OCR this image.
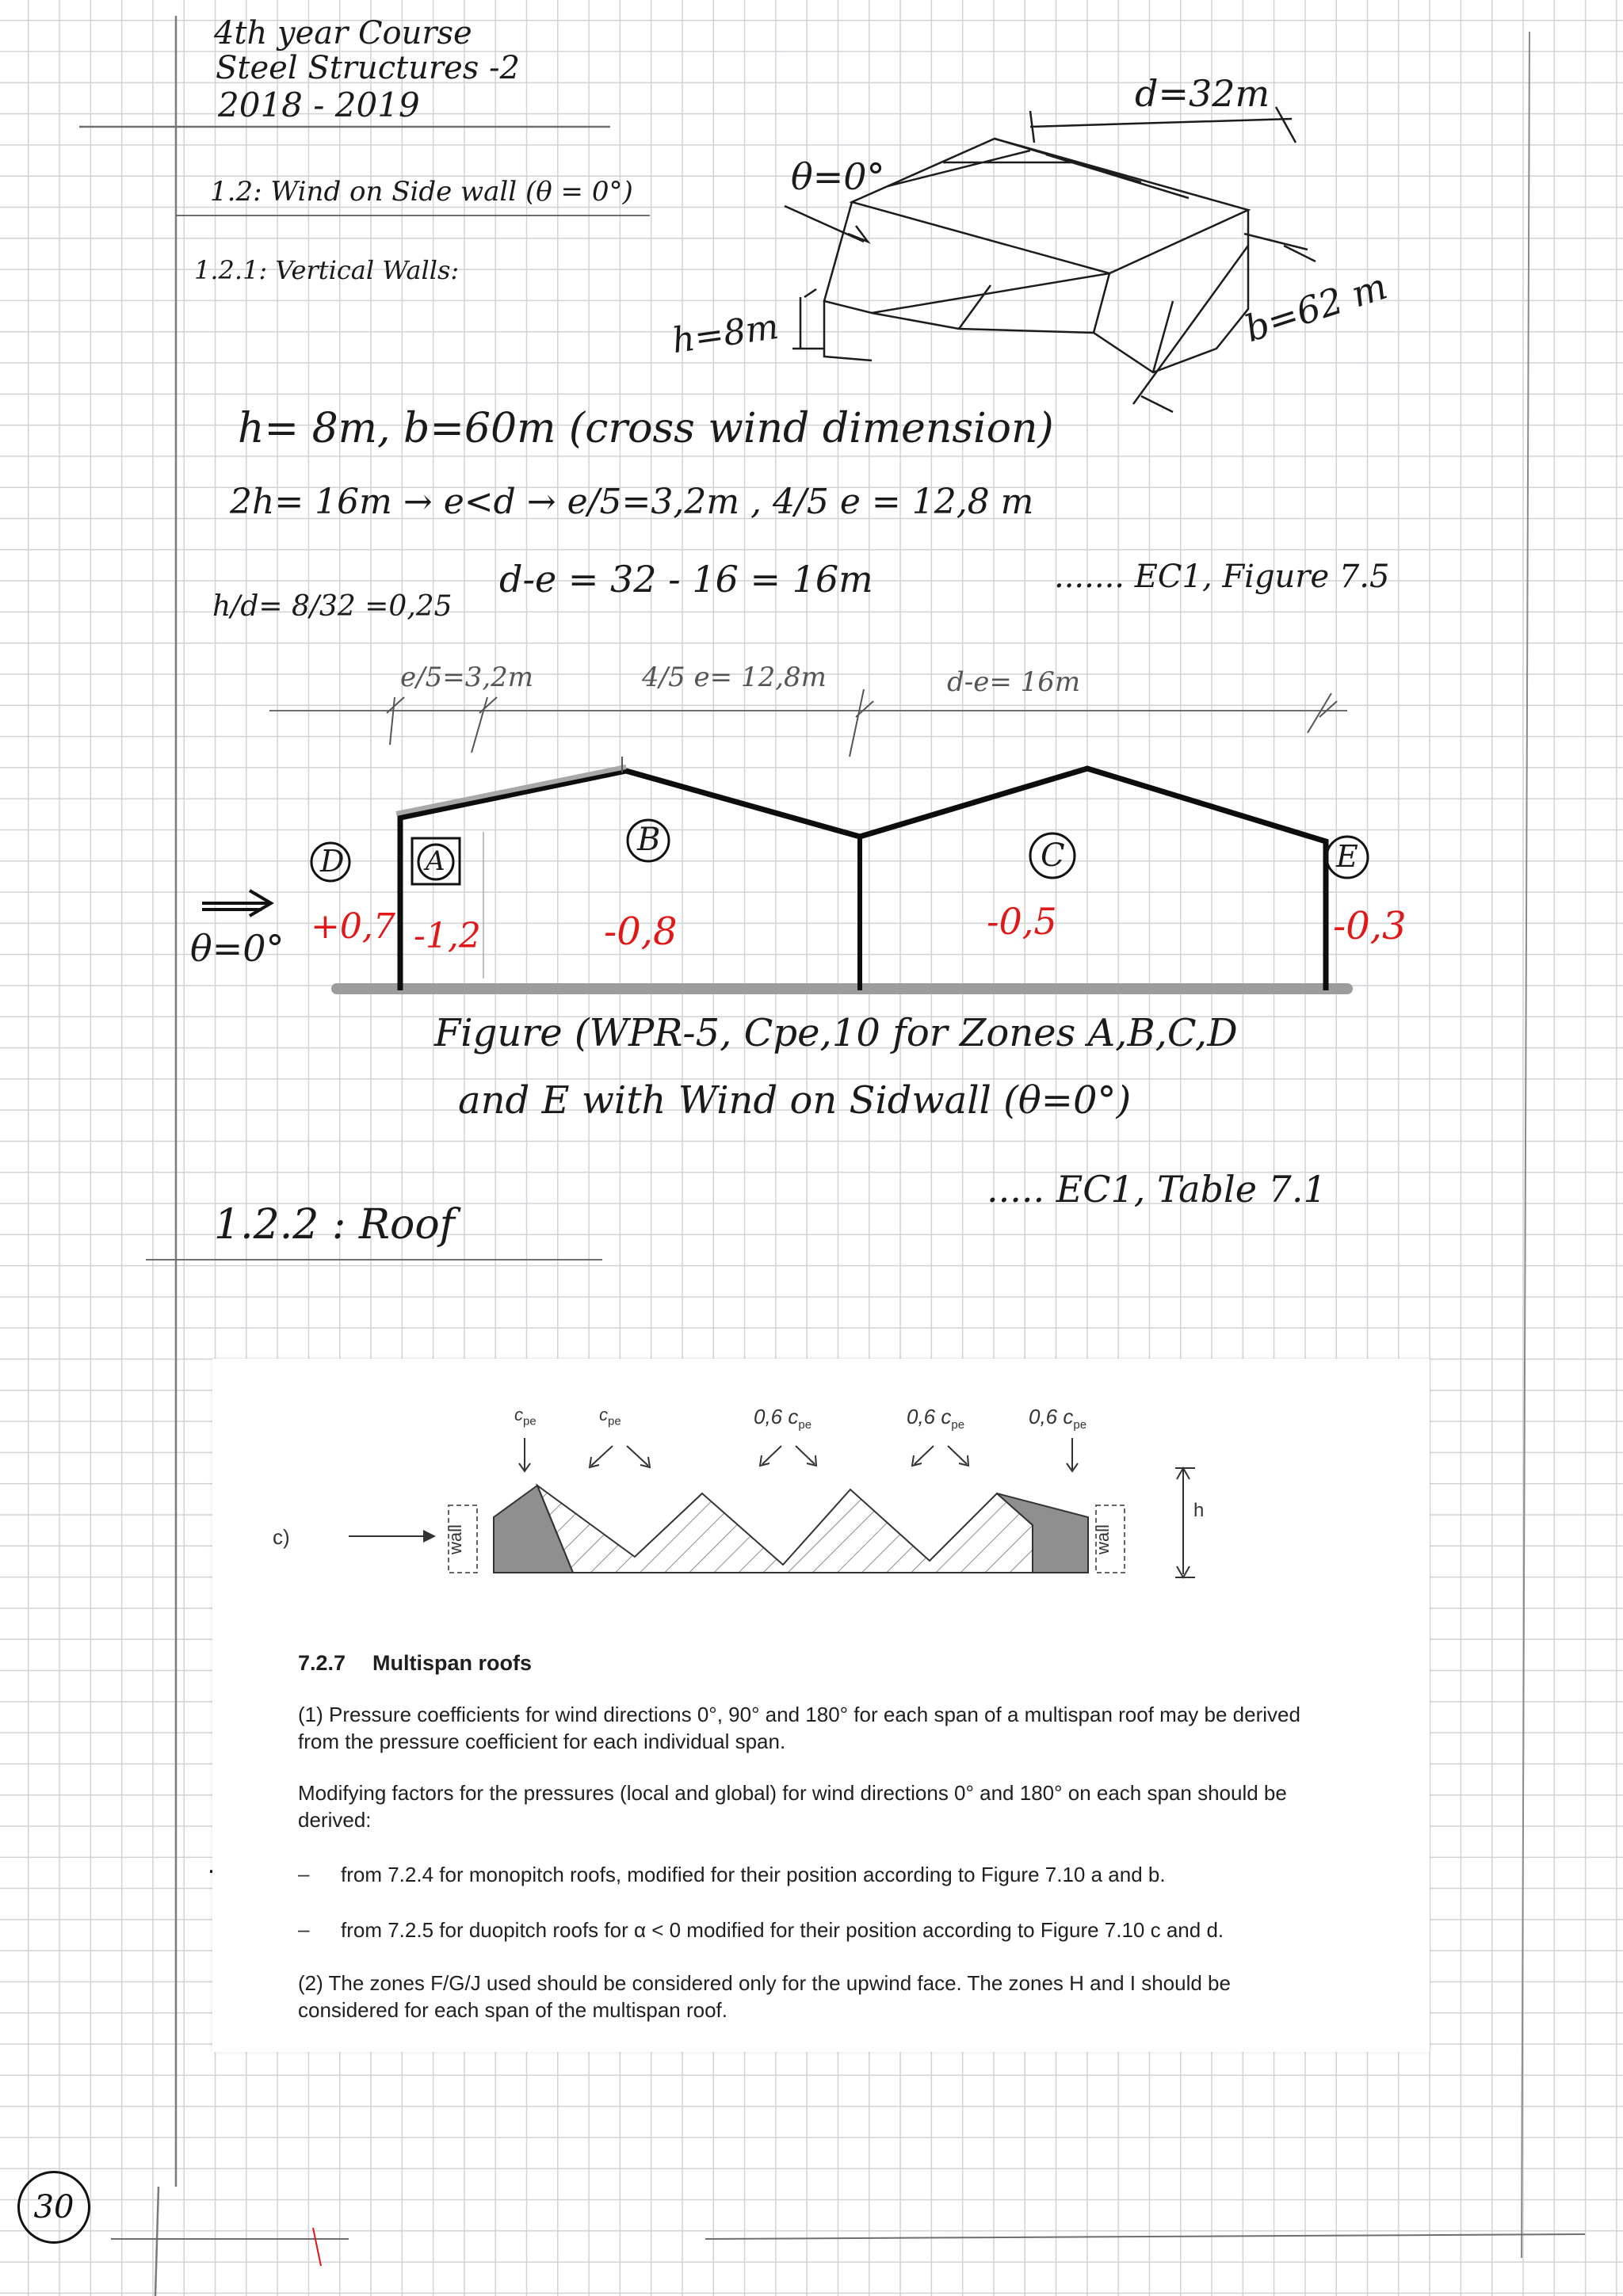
4th year Course
Steel Structures -2
2018 - 2019
1.2: Wind on Side wall (θ = 0°)
1.2.1: Vertical Walls:
θ=0°
d=32m
b=62 m
h=8m
h= 8m, b=60m (cross wind dimension)
2h= 16m → e<d → e/5=3,2m , 4/5 e = 12,8 m
d-e = 32 - 16 = 16m	....... EC1, Figure 7.5
h/d= 8/32 =0,25
e/5=3,2m	4/5 e= 12,8m	d-e= 16m
D	A
B	C	E
+0,7 -1,2	-0,8	-0,5	-0,3
θ=0°
Figure (WPR-5, Cpe,10 for Zones A,B,C,D
and E with Wind on Sidwall (θ=0°)
..... EC1, Table 7.1
1.2.2 : Roof
c)
$c_{pe}$	$c_{pe}$	0,6 $c_{pe}$	0,6 $c_{pe}$	0,6 $c_{pe}$
wall	wall
h
7.2.7 Multispan roofs
(1) Pressure coefficients for wind directions 0°, 90° and 180° for each span of a multispan roof may be derived from the pressure coefficient for each individual span.
Modifying factors for the pressures (local and global) for wind directions 0° and 180° on each span should be derived:
– from 7.2.4 for monopitch roofs, modified for their position according to Figure 7.10 a and b.
– from 7.2.5 for duopitch roofs for α < 0 modified for their position according to Figure 7.10 c and d.
(2) The zones F/G/J used should be considered only for the upwind face. The zones H and I should be considered for each span of the multispan roof.
30
